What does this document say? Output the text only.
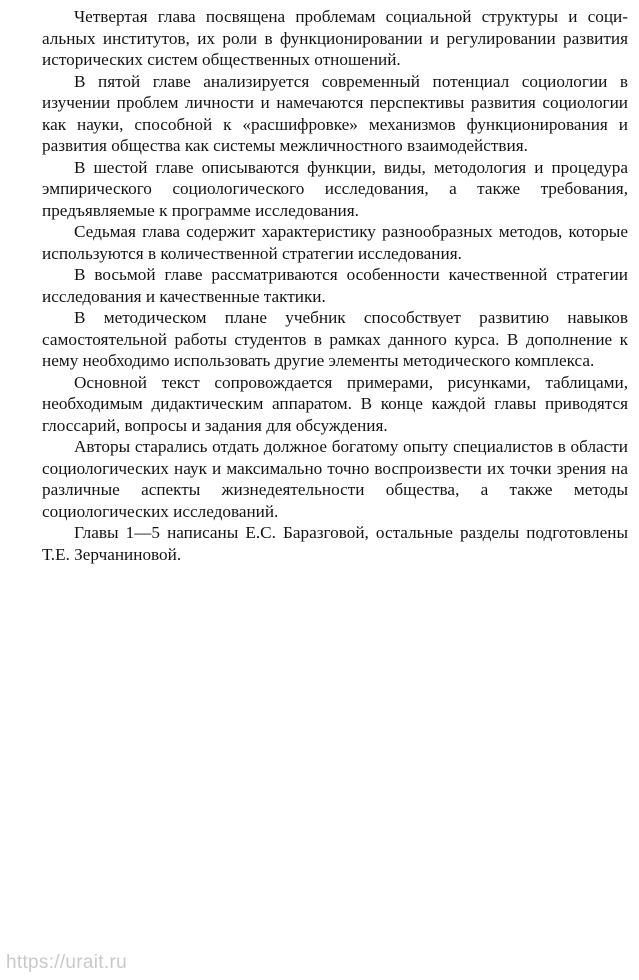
Четвертая глава посвящена проблемам социальной структуры и социальных институтов, их роли в функционировании и регулировании развития исторических систем общественных отношений.

В пятой главе анализируется современный потенциал социологии в изучении проблем личности и намечаются перспективы развития социологии как науки, способной к «расшифровке» механизмов функционирования и развития общества как системы межличностного взаимодействия.

В шестой главе описываются функции, виды, методология и процедура эмпирического социологического исследования, а также требования, предъявляемые к программе исследования.

Седьмая глава содержит характеристику разнообразных методов, которые используются в количественной стратегии исследования.

В восьмой главе рассматриваются особенности качественной стратегии исследования и качественные тактики.

В методическом плане учебник способствует развитию навыков самостоятельной работы студентов в рамках данного курса. В дополнение к нему необходимо использовать другие элементы методического комплекса.

Основной текст сопровождается примерами, рисунками, таблицами, необходимым дидактическим аппаратом. В конце каждой главы приводятся глоссарий, вопросы и задания для обсуждения.

Авторы старались отдать должное богатому опыту специалистов в области социологических наук и максимально точно воспроизвести их точки зрения на различные аспекты жизнедеятельности общества, а также методы социологических исследований.

Главы 1—5 написаны Е.С. Баразговой, остальные разделы подготовлены Т.Е. Зерчаниновой.

https://urait.ru
